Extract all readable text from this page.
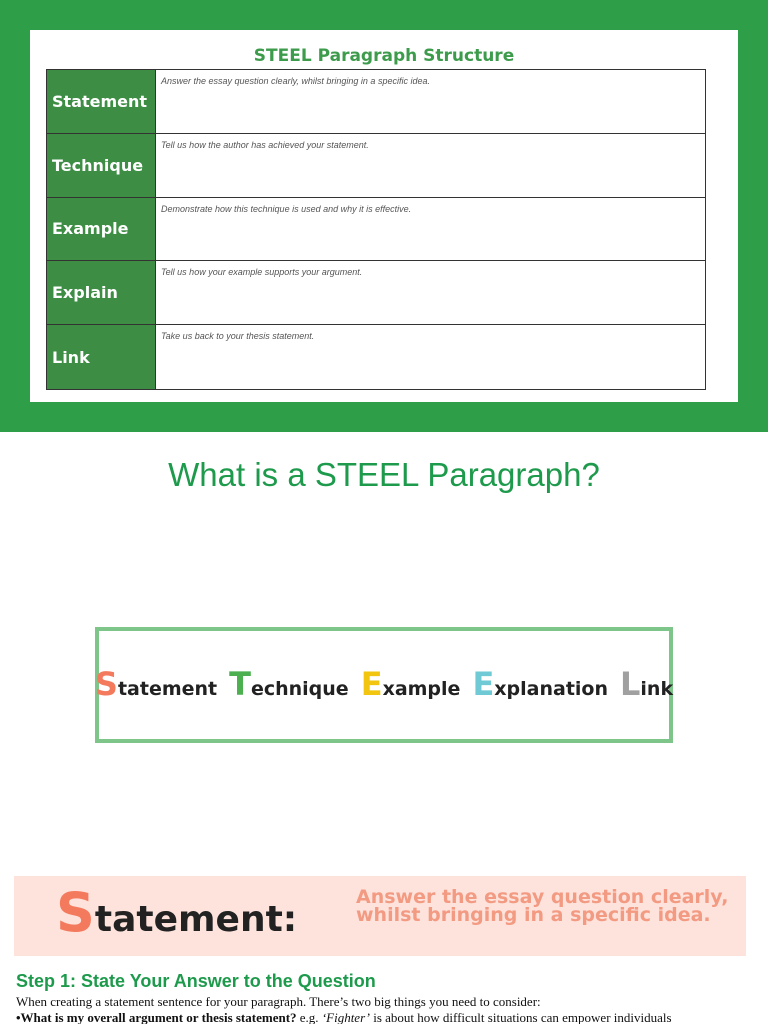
STEEL Paragraph Structure
Statement
Answer the essay question clearly, whilst bringing in a specific idea.
Technique
Tell us how the author has achieved your statement.
Example
Demonstrate how this technique is used and why it is effective.
Explain
Tell us how your example supports your argument.
Link
Take us back to your thesis statement.
What is a STEEL Paragraph?
Statement Technique Example Explanation Link
Statement:
Answer the essay question clearly, whilst bringing in a specific idea.
Step 1: State Your Answer to the Question
When creating a statement sentence for your paragraph. There’s two big things you need to consider:
•What is my overall argument or thesis statement? e.g. ‘Fighter’ is about how difficult situations can empower individuals
